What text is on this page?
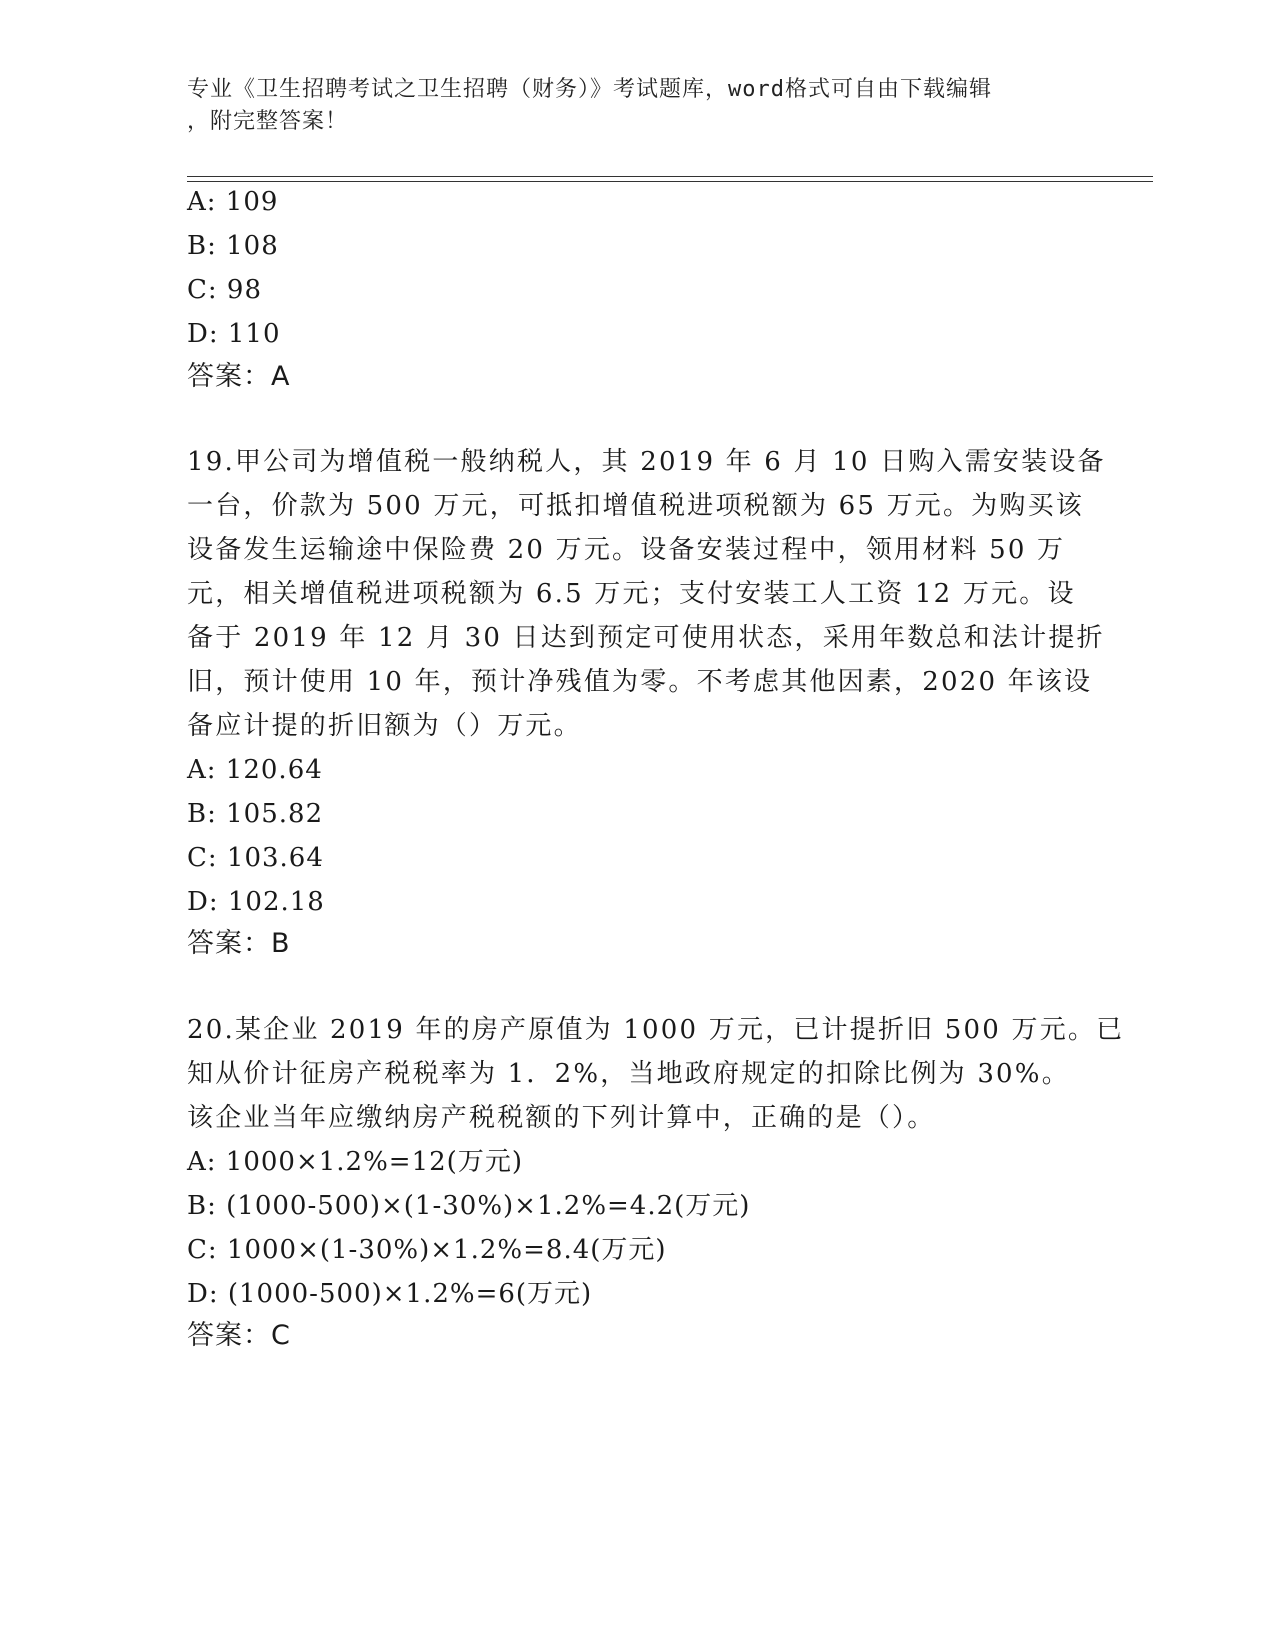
专业《卫生招聘考试之卫生招聘（财务）》考试题库，word格式可自由下载编辑
，附完整答案！
A: 109
B: 108
C: 98
D: 110
答案：A
19.甲公司为增值税一般纳税人，其 2019 年 6 月 10 日购入需安装设备
一台，价款为 500 万元，可抵扣增值税进项税额为 65 万元。为购买该
设备发生运输途中保险费 20 万元。设备安装过程中，领用材料 50 万
元，相关增值税进项税额为 6.5 万元；支付安装工人工资 12 万元。设
备于 2019 年 12 月 30 日达到预定可使用状态，采用年数总和法计提折
旧，预计使用 10 年，预计净残值为零。不考虑其他因素，2020 年该设
备应计提的折旧额为（）万元。
A: 120.64
B: 105.82
C: 103.64
D: 102.18
答案：B
20.某企业 2019 年的房产原值为 1000 万元，已计提折旧 500 万元。已
知从价计征房产税税率为 1．2%，当地政府规定的扣除比例为 30%。
该企业当年应缴纳房产税税额的下列计算中，正确的是（）。
A: 1000×1.2%=12(万元)
B: (1000-500)×(1-30%)×1.2%=4.2(万元)
C: 1000×(1-30%)×1.2%=8.4(万元)
D: (1000-500)×1.2%=6(万元)
答案：C
